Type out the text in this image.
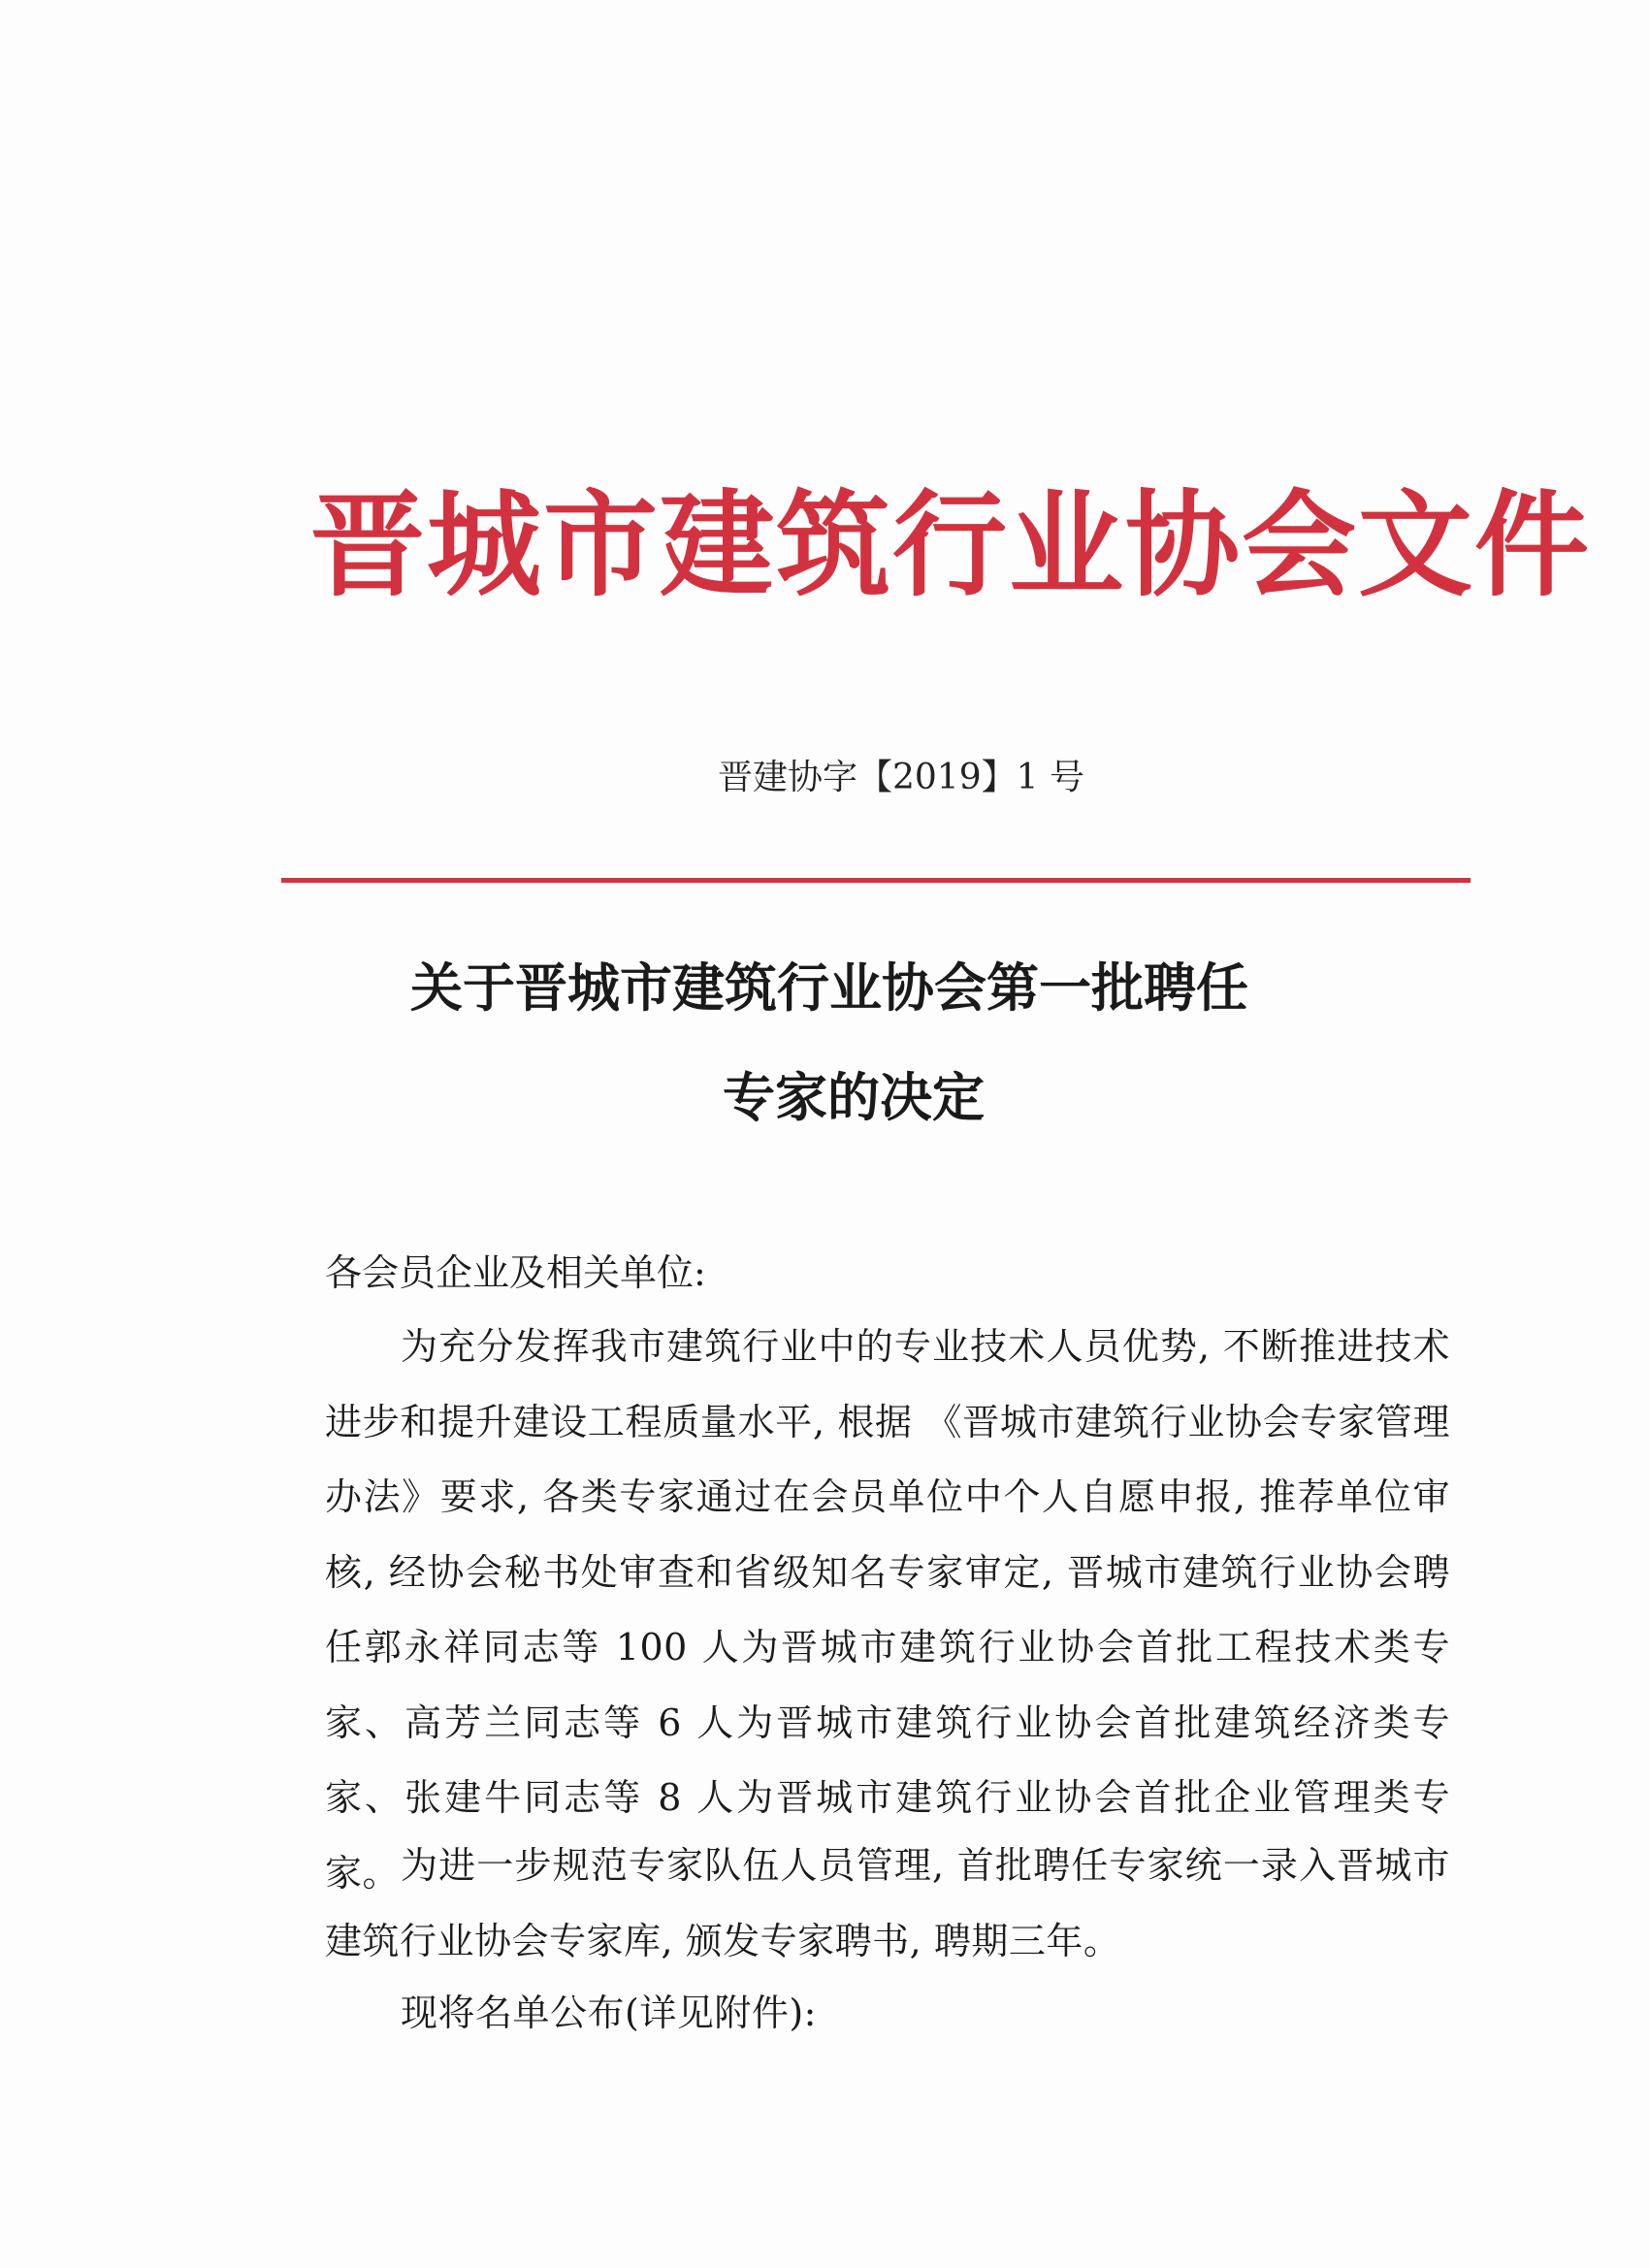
晋城市建筑行业协会文件
晋建协字【2019】1 号
关于晋城市建筑行业协会第一批聘任
专家的决定
各会员企业及相关单位:
为充分发挥我市建筑行业中的专业技术人员优势, 不断推进技术进步和提升建设工程质量水平, 根据 《晋城市建筑行业协会专家管理办法》要求, 各类专家通过在会员单位中个人自愿申报, 推荐单位审核, 经协会秘书处审查和省级知名专家审定, 晋城市建筑行业协会聘任郭永祥同志等 100 人为晋城市建筑行业协会首批工程技术类专家、高芳兰同志等 6 人为晋城市建筑行业协会首批建筑经济类专家、张建牛同志等 8 人为晋城市建筑行业协会首批企业管理类专家。 为进一步规范专家队伍人员管理, 首批聘任专家统一录入晋城市建筑行业协会专家库, 颁发专家聘书, 聘期三年。
现将名单公布(详见附件):
